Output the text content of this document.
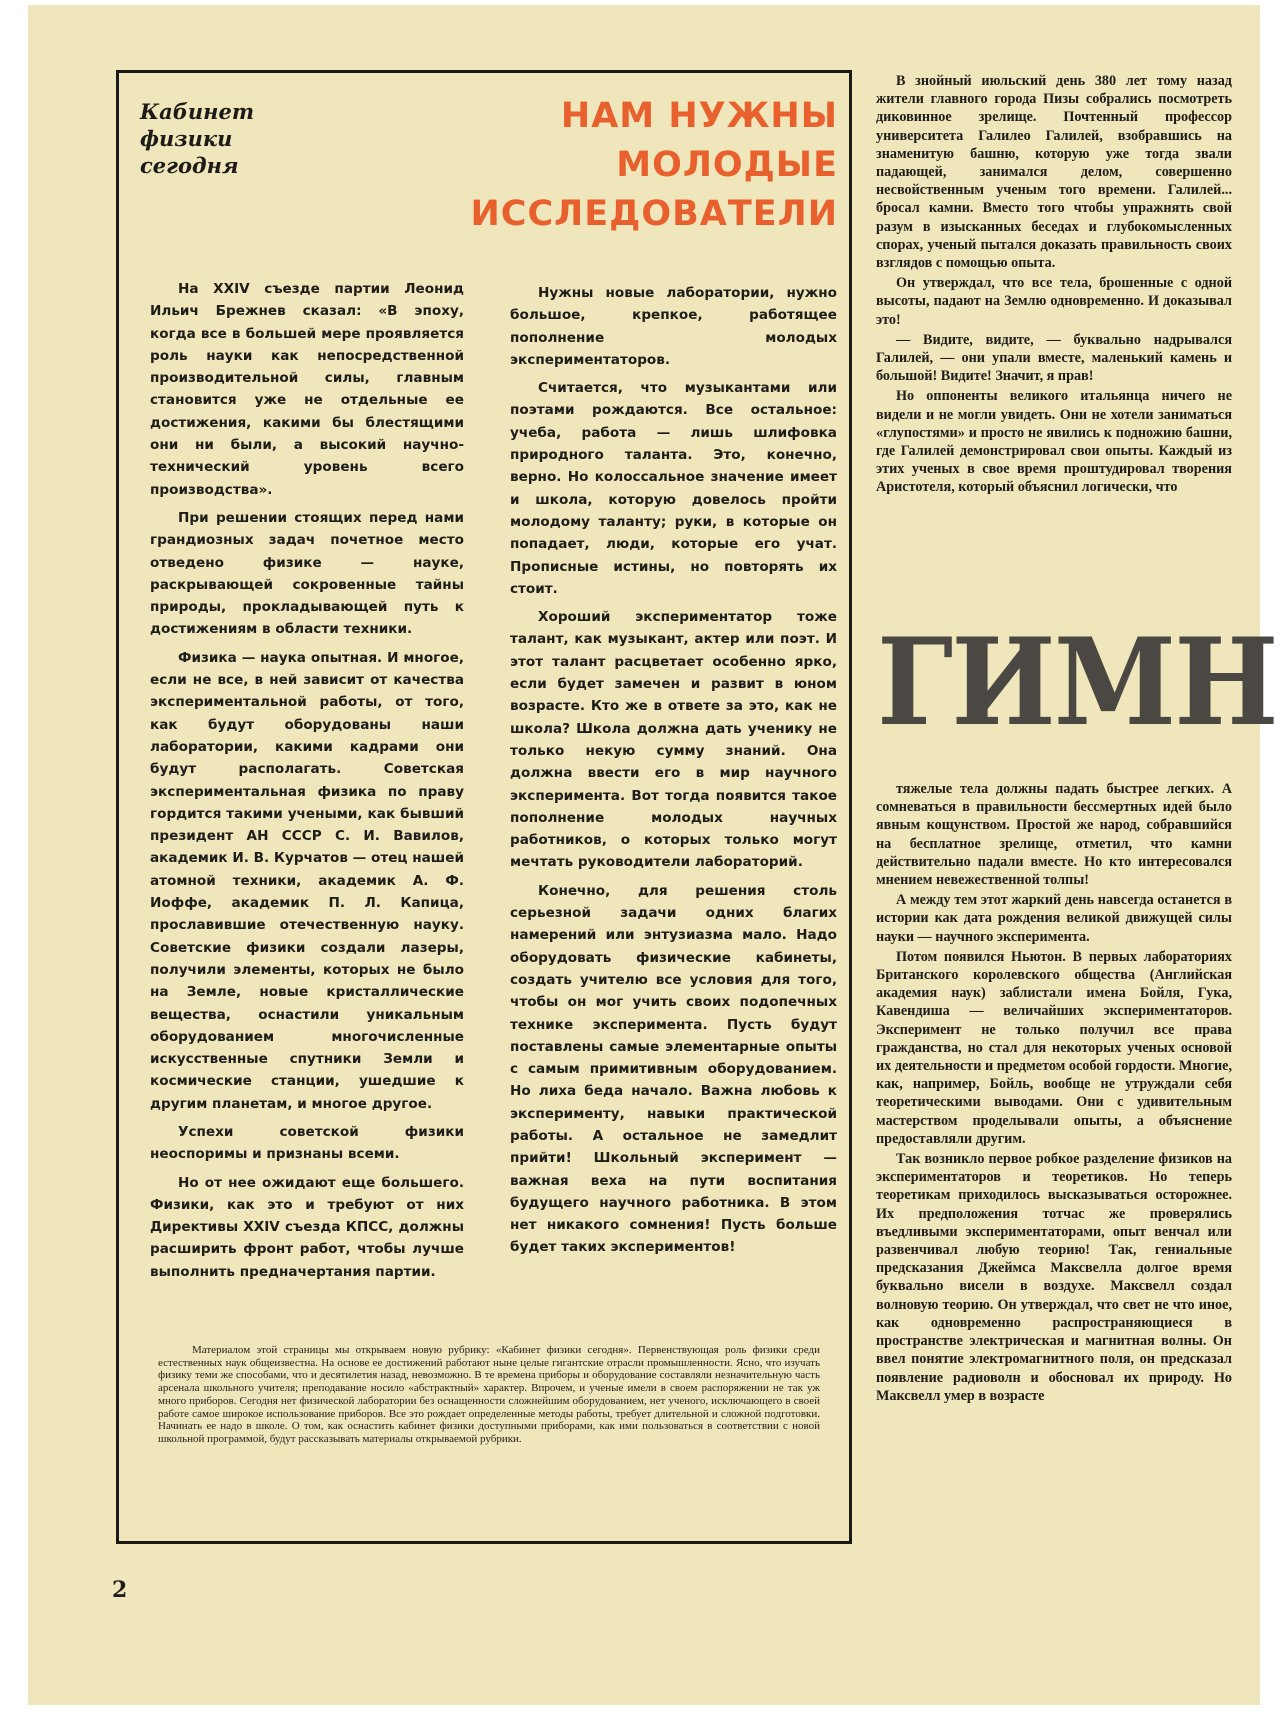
Кабинет
физики
сегодня
НАМ НУЖНЫ
МОЛОДЫЕ
ИССЛЕДОВАТЕЛИ

На XXIV съезде партии Леонид Ильич Брежнев сказал: «В эпоху, когда все в большей мере проявляется роль науки как непосредственной производительной силы, главным становится уже не отдельные ее достижения, какими бы блестящими они ни были, а высокий научно-технический уровень всего производства».

При решении стоящих перед нами грандиозных задач почетное место отведено физике — науке, раскрывающей сокровенные тайны природы, прокладывающей путь к достижениям в области техники.

Физика — наука опытная. И многое, если не все, в ней зависит от качества экспериментальной работы, от того, как будут оборудованы наши лаборатории, какими кадрами они будут располагать. Советская экспериментальная физика по праву гордится такими учеными, как бывший президент АН СССР С. И. Вавилов, академик И. В. Курчатов — отец нашей атомной техники, академик А. Ф. Иоффе, академик П. Л. Капица, прославившие отечественную науку. Советские физики создали лазеры, получили элементы, которых не было на Земле, новые кристаллические вещества, оснастили уникальным оборудованием многочисленные искусственные спутники Земли и космические станции, ушедшие к другим планетам, и многое другое.

Успехи советской физики неоспоримы и признаны всеми.

Но от нее ожидают еще большего. Физики, как это и требуют от них Директивы XXIV съезда КПСС, должны расширить фронт работ, чтобы лучше выполнить предначертания партии.

Нужны новые лаборатории, нужно большое, крепкое, работящее пополнение молодых экспериментаторов.

Считается, что музыкантами или поэтами рождаются. Все остальное: учеба, работа — лишь шлифовка природного таланта. Это, конечно, верно. Но колоссальное значение имеет и школа, которую довелось пройти молодому таланту; руки, в которые он попадает, люди, которые его учат. Прописные истины, но повторять их стоит.

Хороший экспериментатор тоже талант, как музыкант, актер или поэт. И этот талант расцветает особенно ярко, если будет замечен и развит в юном возрасте. Кто же в ответе за это, как не школа? Школа должна дать ученику не только некую сумму знаний. Она должна ввести его в мир научного эксперимента. Вот тогда появится такое пополнение молодых научных работников, о которых только могут мечтать руководители лабораторий.

Конечно, для решения столь серьезной задачи одних благих намерений или энтузиазма мало. Надо оборудовать физические кабинеты, создать учителю все условия для того, чтобы он мог учить своих подопечных технике эксперимента. Пусть будут поставлены самые элементарные опыты с самым примитивным оборудованием. Но лиха беда начало. Важна любовь к эксперименту, навыки практической работы. А остальное не замедлит прийти! Школьный эксперимент — важная веха на пути воспитания будущего научного работника. В этом нет никакого сомнения! Пусть больше будет таких экспериментов!

Материалом этой страницы мы открываем новую рубрику: «Кабинет физики сегодня». Первенствующая роль физики среди естественных наук общеизвестна. На основе ее достижений работают ныне целые гигантские отрасли промышленности. Ясно, что изучать физику теми же способами, что и десятилетия назад, невозможно. В те времена приборы и оборудование составляли незначительную часть арсенала школьного учителя; преподавание носило «абстрактный» характер. Впрочем, и ученые имели в своем распоряжении не так уж много приборов. Сегодня нет физической лаборатории без оснащенности сложнейшим оборудованием, нет ученого, исключающего в своей работе самое широкое использование приборов. Все это рождает определенные методы работы, требует длительной и сложной подготовки. Начинать ее надо в школе. О том, как оснастить кабинет физики доступными приборами, как ими пользоваться в соответствии с новой школьной программой, будут рассказывать материалы открываемой рубрики.

В знойный июльский день 380 лет тому назад жители главного города Пизы собрались посмотреть диковинное зрелище. Почтенный профессор университета Галилео Галилей, взобравшись на знаменитую башню, которую уже тогда звали падающей, занимался делом, совершенно несвойственным ученым того времени. Галилей... бросал камни. Вместо того чтобы упражнять свой разум в изысканных беседах и глубокомысленных спорах, ученый пытался доказать правильность своих взглядов с помощью опыта.

Он утверждал, что все тела, брошенные с одной высоты, падают на Землю одновременно. И доказывал это!

— Видите, видите, — буквально надрывался Галилей, — они упали вместе, маленький камень и большой! Видите! Значит, я прав!

Но оппоненты великого итальянца ничего не видели и не могли увидеть. Они не хотели заниматься «глупостями» и просто не явились к подножию башни, где Галилей демонстрировал свои опыты. Каждый из этих ученых в свое время проштудировал творения Аристотеля, который объяснил логически, что

ГИМН

тяжелые тела должны падать быстрее легких. А сомневаться в правильности бессмертных идей было явным кощунством. Простой же народ, собравшийся на бесплатное зрелище, отметил, что камни действительно падали вместе. Но кто интересовался мнением невежественной толпы!

А между тем этот жаркий день навсегда останется в истории как дата рождения великой движущей силы науки — научного эксперимента.

Потом появился Ньютон. В первых лабораториях Британского королевского общества (Английская академия наук) заблистали имена Бойля, Гука, Кавендиша — величайших экспериментаторов. Эксперимент не только получил все права гражданства, но стал для некоторых ученых основой их деятельности и предметом особой гордости. Многие, как, например, Бойль, вообще не утруждали себя теоретическими выводами. Они с удивительным мастерством проделывали опыты, а объяснение предоставляли другим.

Так возникло первое робкое разделение физиков на экспериментаторов и теоретиков. Но теперь теоретикам приходилось высказываться осторожнее. Их предположения тотчас же проверялись въедливыми экспериментаторами, опыт венчал или развенчивал любую теорию! Так, гениальные предсказания Джеймса Максвелла долгое время буквально висели в воздухе. Максвелл создал волновую теорию. Он утверждал, что свет не что иное, как одновременно распространяющиеся в пространстве электрическая и магнитная волны. Он ввел понятие электромагнитного поля, он предсказал появление радиоволн и обосновал их природу. Но Максвелл умер в возрасте

2
